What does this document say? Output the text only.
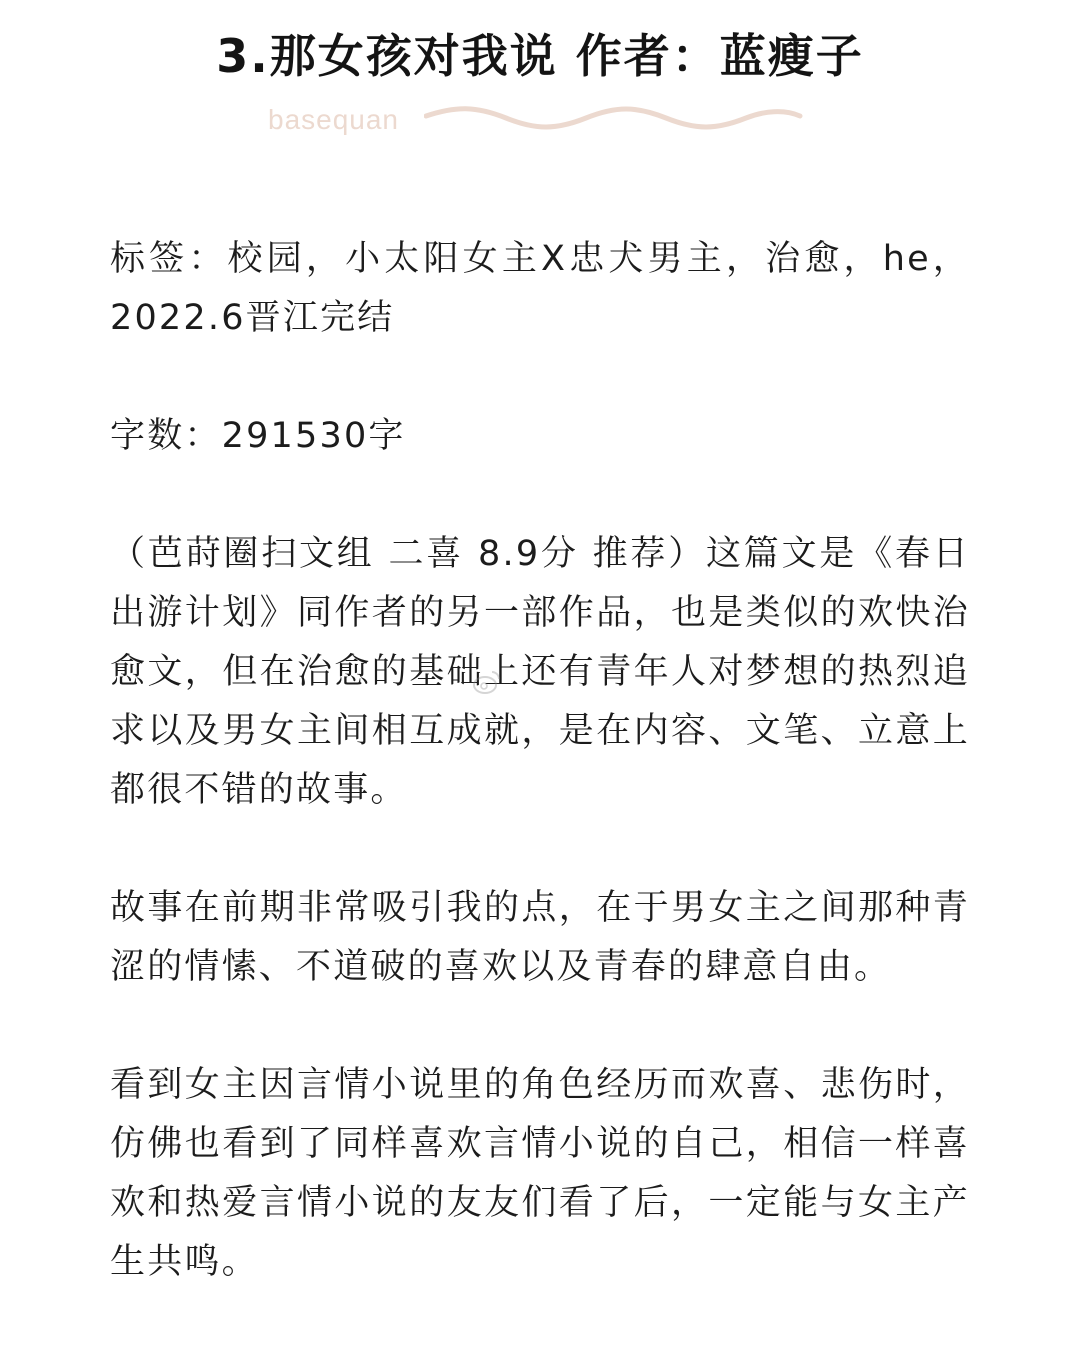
3.那女孩对我说 作者：蓝瘦子
basequan

标签：校园，小太阳女主X忠犬男主，治愈，he，2022.6晋江完结

字数：291530字

（芭莳圈扫文组 二喜 8.9分 推荐）这篇文是《春日出游计划》同作者的另一部作品，也是类似的欢快治愈文，但在治愈的基础上还有青年人对梦想的热烈追求以及男女主间相互成就，是在内容、文笔、立意上都很不错的故事。

故事在前期非常吸引我的点，在于男女主之间那种青涩的情愫、不道破的喜欢以及青春的肆意自由。

看到女主因言情小说里的角色经历而欢喜、悲伤时，仿佛也看到了同样喜欢言情小说的自己，相信一样喜欢和热爱言情小说的友友们看了后，一定能与女主产生共鸣。
